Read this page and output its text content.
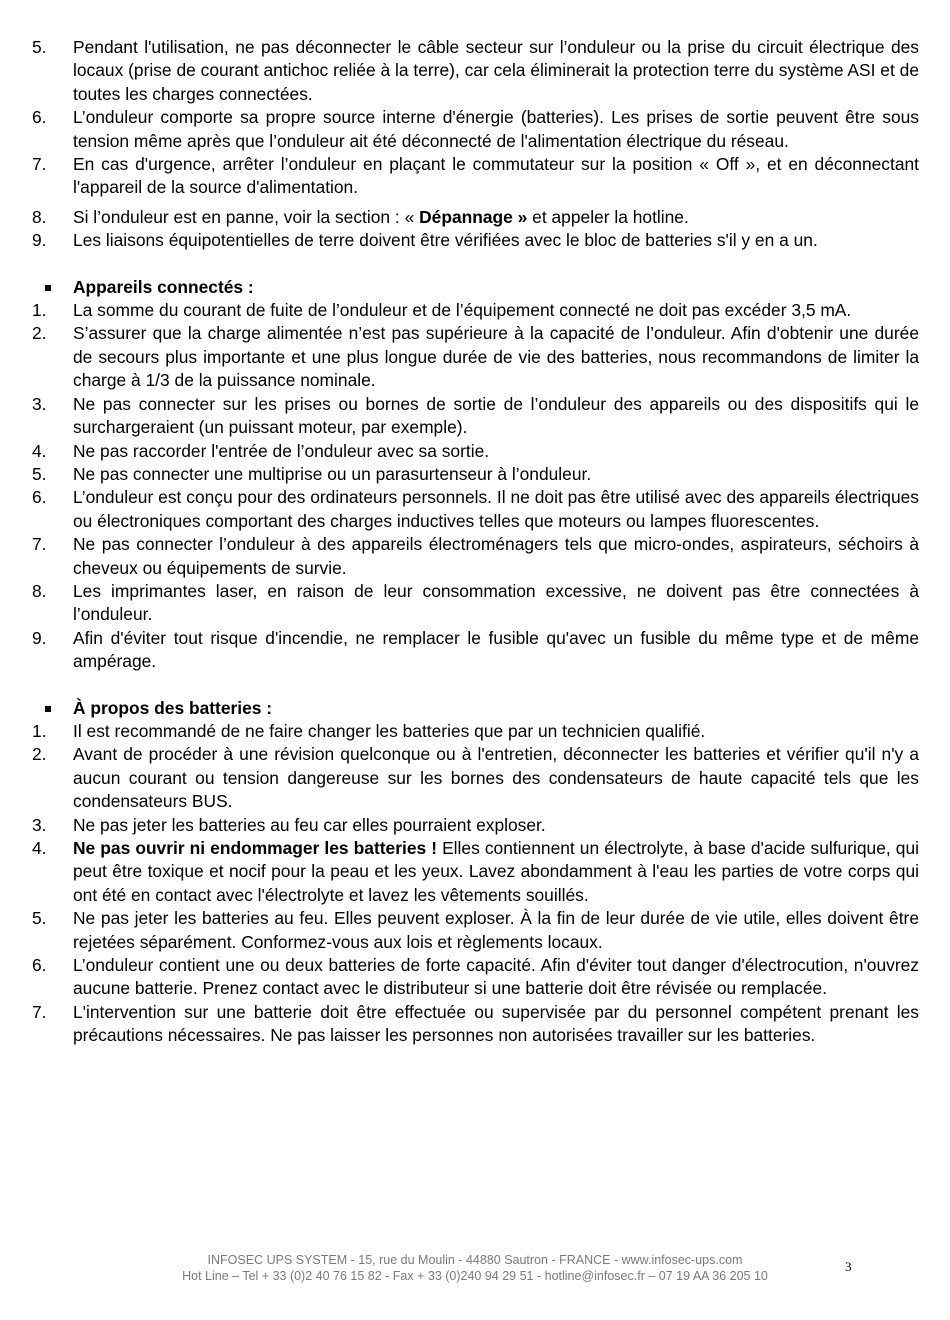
5. Pendant l'utilisation, ne pas déconnecter le câble secteur sur l’onduleur ou la prise du circuit électrique des locaux (prise de courant antichoc reliée à la terre), car cela éliminerait la protection terre du système ASI et de toutes les charges connectées.
6. L’onduleur comporte sa propre source interne d'énergie (batteries). Les prises de sortie peuvent être sous tension même après que l’onduleur ait été déconnecté de l'alimentation électrique du réseau.
7. En cas d'urgence, arrêter l’onduleur en plaçant le commutateur sur la position « Off », et en déconnectant l'appareil de la source d'alimentation.
8. Si l’onduleur est en panne, voir la section : « Dépannage » et appeler la hotline.
9. Les liaisons équipotentielles de terre doivent être vérifiées avec le bloc de batteries s'il y en a un.
Appareils connectés :
1. La somme du courant de fuite de l’onduleur et de l’équipement connecté ne doit pas excéder 3,5 mA.
2. S’assurer que la charge alimentée n’est pas supérieure à la capacité de l’onduleur. Afin d'obtenir une durée de secours plus importante et une plus longue durée de vie des batteries, nous recommandons de limiter la charge à 1/3 de la puissance nominale.
3. Ne pas connecter sur les prises ou bornes de sortie de l’onduleur des appareils ou des dispositifs qui le surchargeraient (un puissant moteur, par exemple).
4. Ne pas raccorder l'entrée de l’onduleur avec sa sortie.
5. Ne pas connecter une multiprise ou un parasurtenseur à l’onduleur.
6. L’onduleur est conçu pour des ordinateurs personnels. Il ne doit pas être utilisé avec des appareils électriques ou électroniques comportant des charges inductives telles que moteurs ou lampes fluorescentes.
7. Ne pas connecter l’onduleur à des appareils électroménagers tels que micro-ondes, aspirateurs, séchoirs à cheveux ou équipements de survie.
8. Les imprimantes laser, en raison de leur consommation excessive, ne doivent pas être connectées à l’onduleur.
9. Afin d'éviter tout risque d'incendie, ne remplacer le fusible qu'avec un fusible du même type et de même ampérage.
À propos des batteries :
1. Il est recommandé de ne faire changer les batteries que par un technicien qualifié.
2. Avant de procéder à une révision quelconque ou à l'entretien, déconnecter les batteries et vérifier qu'il n'y a aucun courant ou tension dangereuse sur les bornes des condensateurs de haute capacité tels que les condensateurs BUS.
3. Ne pas jeter les batteries au feu car elles pourraient exploser.
4. Ne pas ouvrir ni endommager les batteries ! Elles contiennent un électrolyte, à base d'acide sulfurique, qui peut être toxique et nocif pour la peau et les yeux. Lavez abondamment à l'eau les parties de votre corps qui ont été en contact avec l'électrolyte et lavez les vêtements souillés.
5. Ne pas jeter les batteries au feu. Elles peuvent exploser. À la fin de leur durée de vie utile, elles doivent être rejetées séparément. Conformez-vous aux lois et règlements locaux.
6. L’onduleur contient une ou deux batteries de forte capacité. Afin d'éviter tout danger d'électrocution, n'ouvrez aucune batterie. Prenez contact avec le distributeur si une batterie doit être révisée ou remplacée.
7. L'intervention sur une batterie doit être effectuée ou supervisée par du personnel compétent prenant les précautions nécessaires. Ne pas laisser les personnes non autorisées travailler sur les batteries.
INFOSEC UPS SYSTEM - 15, rue du Moulin - 44880 Sautron - FRANCE - www.infosec-ups.com
Hot Line – Tel + 33 (0)2 40 76 15 82 - Fax + 33 (0)240 94 29 51 - hotline@infosec.fr – 07 19 AA 36 205 10
3
